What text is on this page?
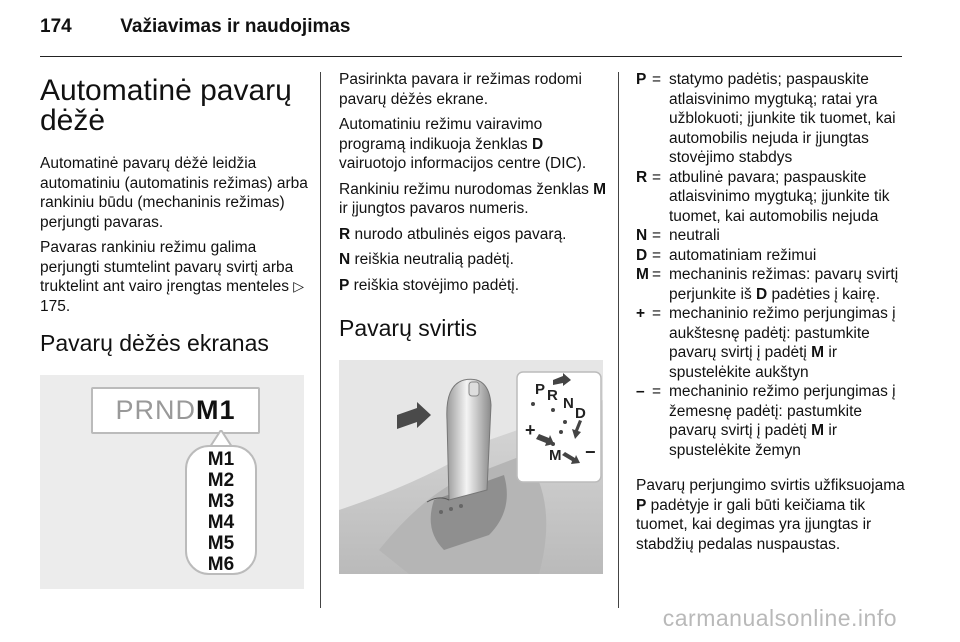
174	Važiavimas ir naudojimas
Automatinė pavarų dėžė

Automatinė pavarų dėžė leidžia automatiniu (automatinis režimas) arba rankiniu būdu (mechaninis režimas) perjungti pavaras.

Pavaras rankiniu režimu galima perjungti stumtelint pavarų svirtį arba truktelint ant vairo įrengtas menteles ▷ 175.

Pavarų dėžės ekranas
PRNDM1
M1
M2
M3
M4
M5
M6

Pasirinkta pavara ir režimas rodomi pavarų dėžės ekrane.

Automatiniu režimu vairavimo programą indikuoja ženklas D vairuotojo informacijos centre (DIC).

Rankiniu režimu nurodomas ženklas M ir įjungtos pavaros numeris.

R nurodo atbulinės eigos pavarą.

N reiškia neutralią padėtį.

P reiškia stovėjimo padėtį.

Pavarų svirtis
P R N
D
M
+
−
P = statymo padėtis; paspauskite atlaisvinimo mygtuką; ratai yra užblokuoti; įjunkite tik tuomet, kai automobilis nejuda ir įjungtas stovėjimo stabdys
R = atbulinė pavara; paspauskite atlaisvinimo mygtuką; įjunkite tik tuomet, kai automobilis nejuda
N = neutrali
D = automatiniam režimui
M = mechaninis režimas: pavarų svirtį perjunkite iš D padėties į kairę.
+ = mechaninio režimo perjungimas į aukštesnę padėtį: pastumkite pavarų svirtį į padėtį M ir spustelėkite aukštyn
– = mechaninio režimo perjungimas į žemesnę padėtį: pastumkite pavarų svirtį į padėtį M ir spustelėkite žemyn

Pavarų perjungimo svirtis užfiksuojama P padėtyje ir gali būti keičiama tik tuomet, kai degimas yra įjungtas ir stabdžių pedalas nuspaustas.

carmanualsonline.info
